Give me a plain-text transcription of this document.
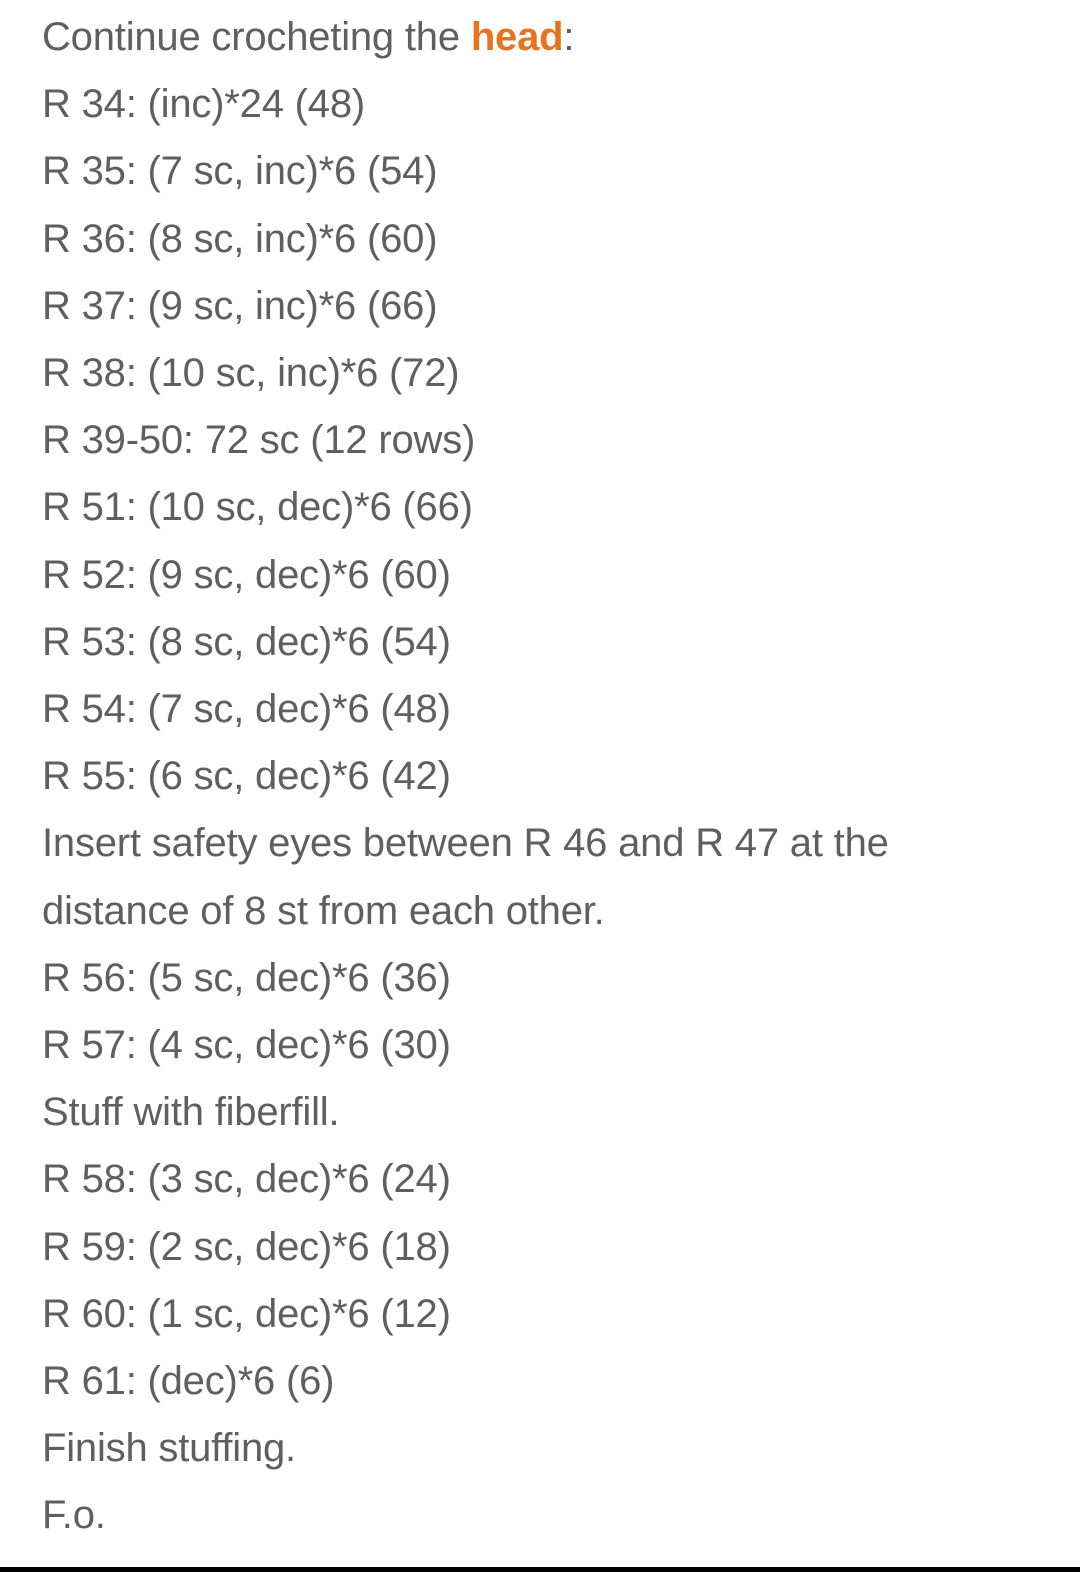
Continue crocheting the head:
R 34: (inc)*24 (48)
R 35: (7 sc, inc)*6 (54)
R 36: (8 sc, inc)*6 (60)
R 37: (9 sc, inc)*6 (66)
R 38: (10 sc, inc)*6 (72)
R 39-50: 72 sc (12 rows)
R 51: (10 sc, dec)*6 (66)
R 52: (9 sc, dec)*6 (60)
R 53: (8 sc, dec)*6 (54)
R 54: (7 sc, dec)*6 (48)
R 55: (6 sc, dec)*6 (42)
Insert safety eyes between R 46 and R 47 at the
distance of 8 st from each other.
R 56: (5 sc, dec)*6 (36)
R 57: (4 sc, dec)*6 (30)
Stuff with fiberfill.
R 58: (3 sc, dec)*6 (24)
R 59: (2 sc, dec)*6 (18)
R 60: (1 sc, dec)*6 (12)
R 61: (dec)*6 (6)
Finish stuffing.
F.o.
